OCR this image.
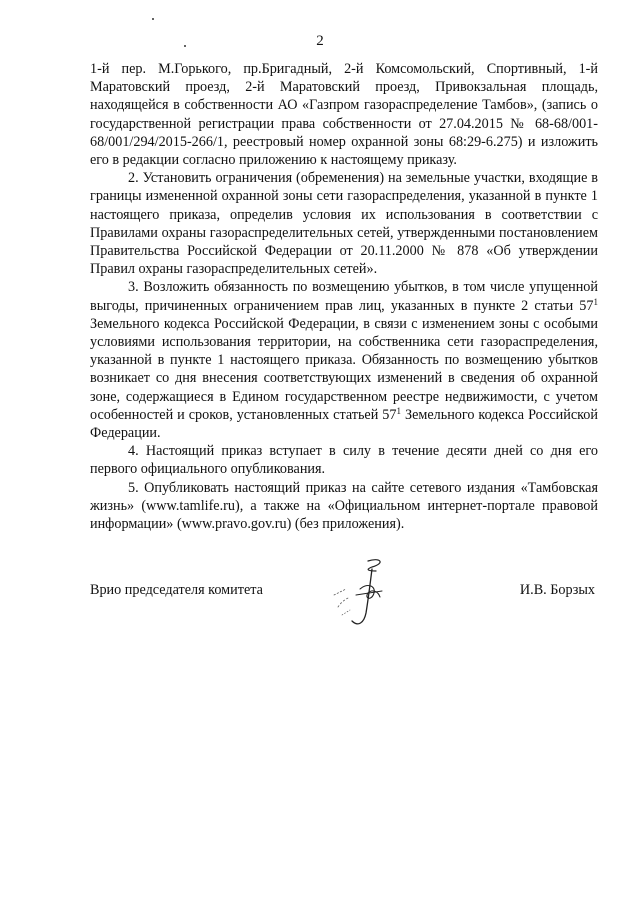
2

1-й пер. М.Горького, пр.Бригадный, 2-й Комсомольский, Спортивный, 1-й Маратовский проезд, 2-й Маратовский проезд, Привокзальная площадь, находящейся в собственности АО «Газпром газораспределение Тамбов», (запись о государственной регистрации права собственности от 27.04.2015 № 68-68/001-68/001/294/2015-266/1, реестровый номер охранной зоны 68:29-6.275) и изложить его в редакции согласно приложению к настоящему приказу.

2. Установить ограничения (обременения) на земельные участки, входящие в границы измененной охранной зоны сети газораспределения, указанной в пункте 1 настоящего приказа, определив условия их использования в соответствии с Правилами охраны газораспределительных сетей, утвержденными постановлением Правительства Российской Федерации от 20.11.2000 № 878 «Об утверждении Правил охраны газораспределительных сетей».

3. Возложить обязанность по возмещению убытков, в том числе упущенной выгоды, причиненных ограничением прав лиц, указанных в пункте 2 статьи $57^1$ Земельного кодекса Российской Федерации, в связи с изменением зоны с особыми условиями использования территории, на собственника сети газораспределения, указанной в пункте 1 настоящего приказа. Обязанность по возмещению убытков возникает со дня внесения соответствующих изменений в сведения об охранной зоне, содержащиеся в Едином государственном реестре недвижимости, с учетом особенностей и сроков, установленных статьей $57^1$ Земельного кодекса Российской Федерации.

4. Настоящий приказ вступает в силу в течение десяти дней со дня его первого официального опубликования.

5. Опубликовать настоящий приказ на сайте сетевого издания «Тамбовская жизнь» (www.tamlife.ru), а также на «Официальном интернет-портале правовой информации» (www.pravo.gov.ru) (без приложения).

Врио председателя комитета	И.В. Борзых
